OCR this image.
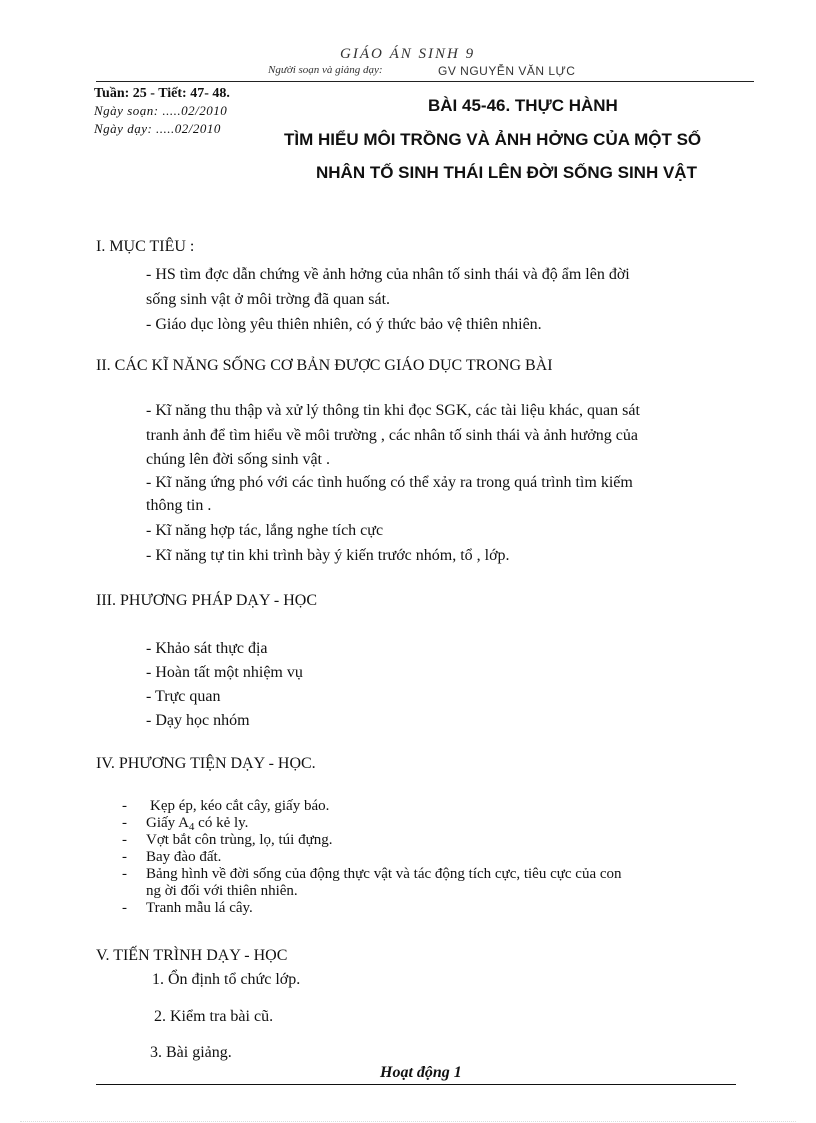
GIÁO ÁN SINH 9
Người soạn và giảng dạy:	GV NGUYỄN VĂN LỰC
Tuần: 25 - Tiết: 47- 48.
Ngày soạn: .....02/2010
Ngày dạy: .....02/2010
BÀI 45-46. THỰC HÀNH
TÌM HIỂU MÔI TRỒNG VÀ ẢNH HỞNG CỦA MỘT SỐ
NHÂN TỐ SINH THÁI LÊN ĐỜI SỐNG SINH VẬT
I. MỤC TIÊU :
- HS tìm đợc dẫn chứng về ảnh hởng của nhân tố sinh thái và độ ẩm lên đời
sống sinh vật ở môi trờng đã quan sát.
- Giáo dục lòng yêu thiên nhiên, có ý thức bảo vệ thiên nhiên.
II. CÁC KĨ NĂNG SỐNG CƠ BẢN ĐƯỢC GIÁO DỤC TRONG BÀI
- Kĩ năng thu thập và xử lý thông tin khi đọc SGK, các tài liệu khác, quan sát
tranh ảnh để tìm hiểu về môi trường , các nhân tố sinh thái và ảnh hưởng của
chúng lên đời sống sinh vật .
- Kĩ năng ứng phó với các tình huống có thể xảy ra trong quá trình tìm kiếm
thông tin .
- Kĩ năng hợp tác, lắng nghe tích cực
- Kĩ năng tự tin khi trình bày ý kiến trước nhóm, tổ , lớp.
III. PHƯƠNG PHÁP DẠY - HỌC
- Khảo sát thực địa
- Hoàn tất một nhiệm vụ
- Trực quan
- Dạy học nhóm
IV. PHƯƠNG TIỆN DẠY - HỌC.
- Kẹp ép, kéo cắt cây, giấy báo.
- Giấy $A_4$ có kẻ ly.
- Vợt bắt côn trùng, lọ, túi đựng.
- Bay đào đất.
- Bảng hình về đời sống của động thực vật và tác động tích cực, tiêu cực của con
ng ời đối với thiên nhiên.
- Tranh mẫu lá cây.
V. TIẾN TRÌNH DẠY - HỌC
1. Ổn định tổ chức lớp.
2. Kiểm tra bài cũ.
3. Bài giảng.
Hoạt động 1
